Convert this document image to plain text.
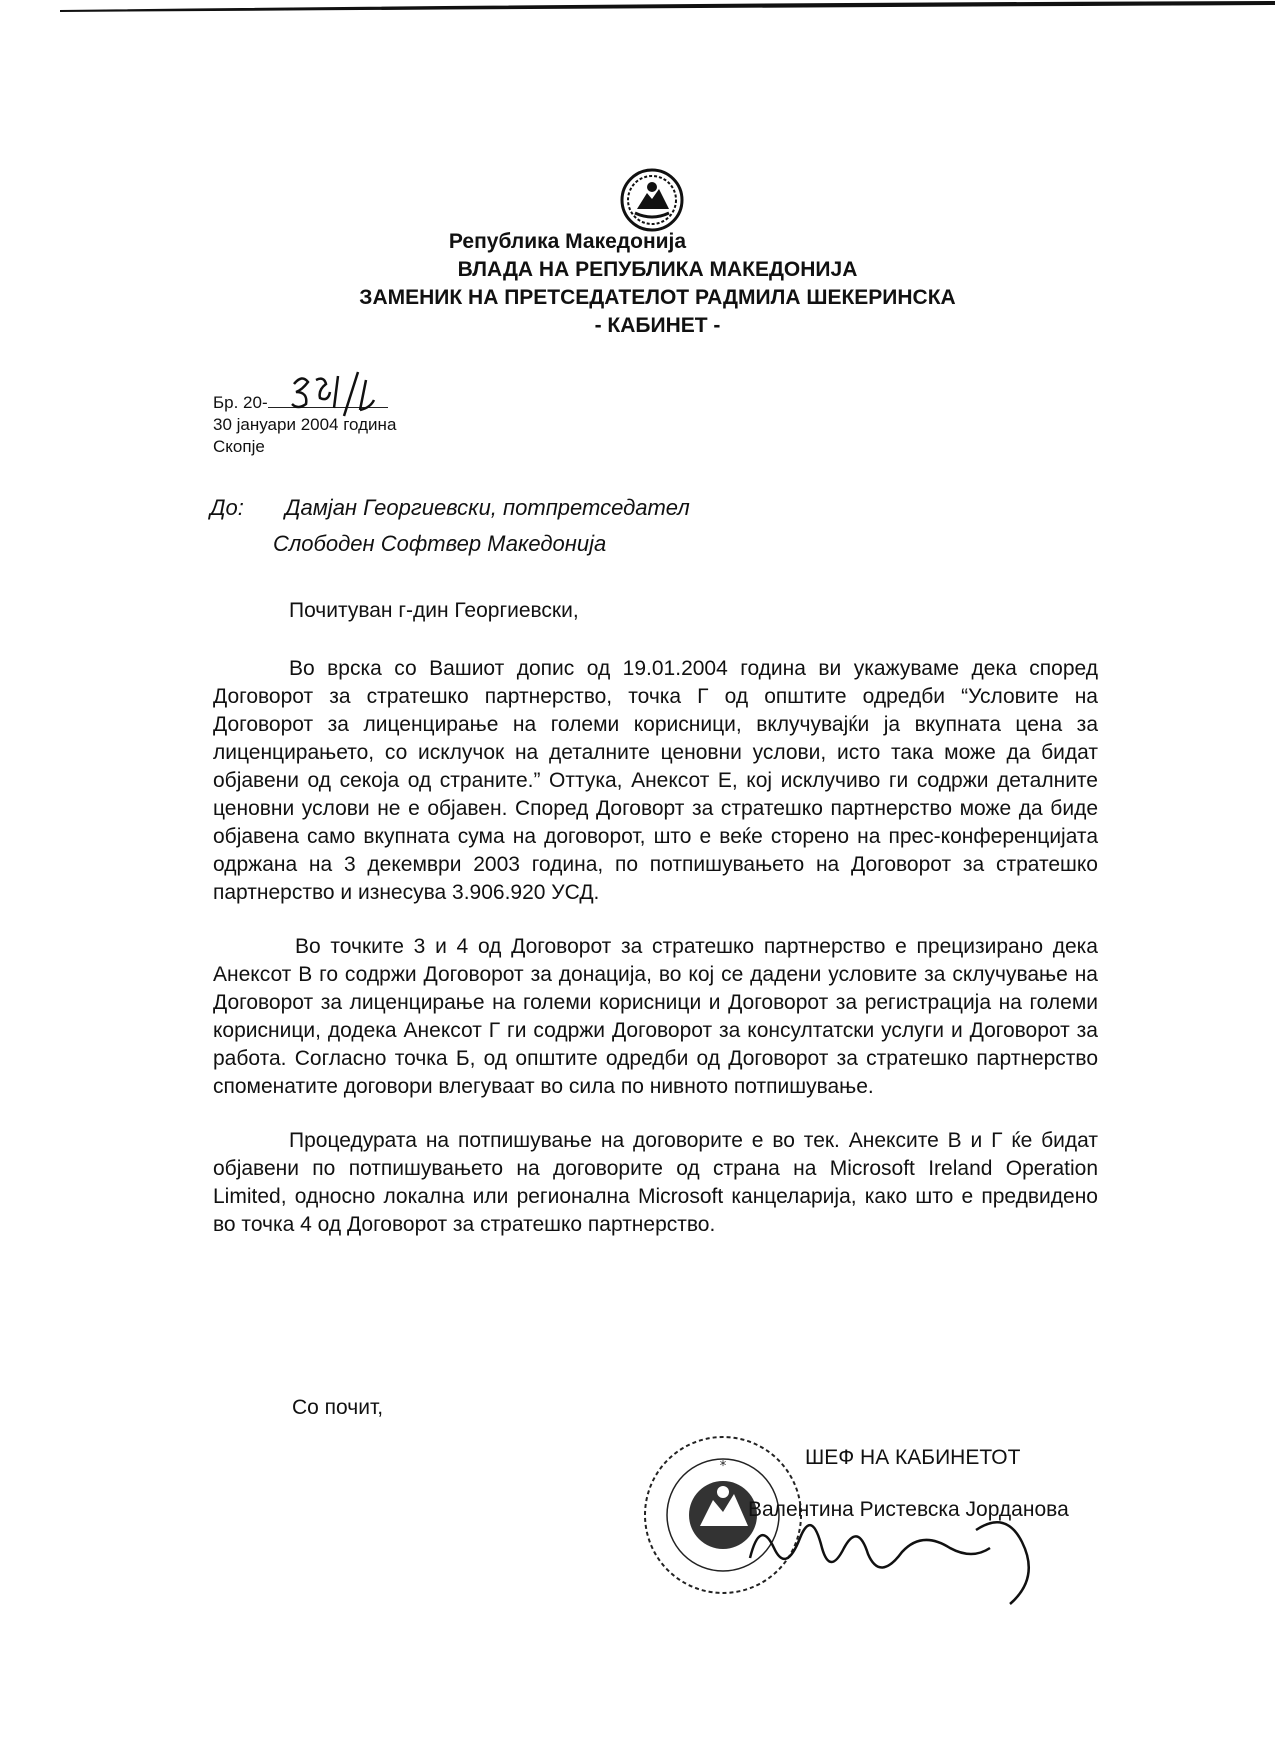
Република Македонија
ВЛАДА НА РЕПУБЛИКА МАКЕДОНИЈА
ЗАМЕНИК НА ПРЕТСЕДАТЕЛОТ РАДМИЛА ШЕКЕРИНСКА
- КАБИНЕТ -
Бр. 20-
30 јануари 2004 година
Скопје
До: Дамјан Георгиевски, потпретседател
Слободен Софтвер Македонија
Почитуван г-дин Георгиевски,

Во врска со Вашиот допис од 19.01.2004 година ви укажуваме дека според Договорот за стратешко партнерство, точка Г од општите одредби “Условите на Договорот за лиценцирање на големи корисници, вклучувајќи ја вкупната цена за лиценцирањето, со исклучок на деталните ценовни услови, исто така може да бидат објавени од секоја од страните.” Оттука, Анексот Е, кој исклучиво ги содржи деталните ценовни услови не е објавен. Според Договорт за стратешко партнерство може да биде објавена само вкупната сума на договорот, што е веќе сторено на прес-конференцијата одржана на 3 декември 2003 година, по потпишувањето на Договорот за стратешко партнерство и изнесува 3.906.920 УСД.

Во точките 3 и 4 од Договорот за стратешко партнерство е прецизирано дека Анексот В го содржи Договорот за донација, во кој се дадени условите за склучување на Договорот за лиценцирање на големи корисници и Договорот за регистрација на големи корисници, додека Анексот Г ги содржи Договорот за консултатски услуги и Договорот за работа. Согласно точка Б, од општите одредби од Договорот за стратешко партнерство споменатите договори влегуваат во сила по нивното потпишување.

Процедурата на потпишување на договорите е во тек. Анексите В и Г ќе бидат објавени по потпишувањето на договорите од страна на Microsoft Ireland Operation Limited, односно локална или регионална Microsoft канцеларија, како што е предвидено во точка 4 од Договорот за стратешко партнерство.

Со почит,
*	ШЕФ НА КАБИНЕТОТ
Валентина Ристевска Јорданова
